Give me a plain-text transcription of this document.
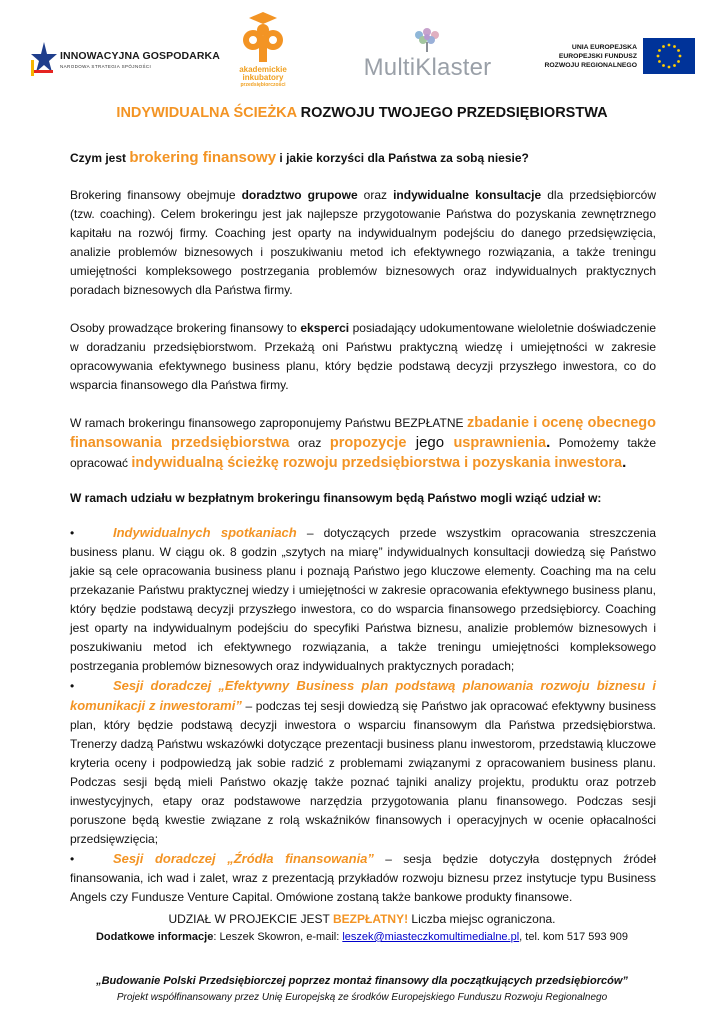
INNOWACYJNA GOSPODARKA
NARODOWA STRATEGIA SPÓJNOŚCI	akademickie
inkubatory
przedsiębiorczości
MultiKlaster
UNIA EUROPEJSKA
EUROPEJSKI FUNDUSZ
ROZWOJU REGIONALNEGO
INDYWIDUALNA ŚCIEŻKA ROZWOJU TWOJEGO PRZEDSIĘBIORSTWA

Czym jest brokering finansowy i jakie korzyści dla Państwa za sobą niesie?

Brokering finansowy obejmuje doradztwo grupowe oraz indywidualne konsultacje dla przedsiębiorców (tzw. coaching). Celem brokeringu jest jak najlepsze przygotowanie Państwa do pozyskania zewnętrznego kapitału na rozwój firmy. Coaching jest oparty na indywidualnym podejściu do danego przedsięwzięcia, analizie problemów biznesowych i poszukiwaniu metod ich efektywnego rozwiązania, a także treningu umiejętności kompleksowego postrzegania problemów biznesowych oraz indywidualnych praktycznych poradach biznesowych dla Państwa firmy.

Osoby prowadzące brokering finansowy to eksperci posiadający udokumentowane wieloletnie doświadczenie w doradzaniu przedsiębiorstwom. Przekażą oni Państwu praktyczną wiedzę i umiejętności w zakresie opracowywania efektywnego business planu, który będzie podstawą decyzji przyszłego inwestora, co do wsparcia finansowego dla Państwa firmy.

W ramach brokeringu finansowego zaproponujemy Państwu BEZPŁATNE zbadanie i ocenę obecnego finansowania przedsiębiorstwa oraz propozycje jego usprawnienia. Pomożemy także opracować indywidualną ścieżkę rozwoju przedsiębiorstwa i pozyskania inwestora.

W ramach udziału w bezpłatnym brokeringu finansowym będą Państwo mogli wziąć udział w:

•	Indywidualnych spotkaniach – dotyczących przede wszystkim opracowania streszczenia business planu. W ciągu ok. 8 godzin „szytych na miarę” indywidualnych konsultacji dowiedzą się Państwo jakie są cele opracowania business planu i poznają Państwo jego kluczowe elementy. Coaching ma na celu przekazanie Państwu praktycznej wiedzy i umiejętności w zakresie opracowania efektywnego business planu, który będzie podstawą decyzji przyszłego inwestora, co do wsparcia finansowego przedsiębiorcy. Coaching jest oparty na indywidualnym podejściu do specyfiki Państwa biznesu, analizie problemów biznesowych i poszukiwaniu metod ich efektywnego rozwiązania, a także treningu umiejętności kompleksowego postrzegania problemów biznesowych oraz indywidualnych praktycznych poradach;

•	Sesji doradczej „Efektywny Business plan podstawą planowania rozwoju biznesu i komunikacji z inwestorami” – podczas tej sesji dowiedzą się Państwo jak opracować efektywny business plan, który będzie podstawą decyzji inwestora o wsparciu finansowym dla Państwa przedsiębiorstwa. Trenerzy dadzą Państwu wskazówki dotyczące prezentacji business planu inwestorom, przedstawią kluczowe kryteria oceny i podpowiedzą jak sobie radzić z problemami związanymi z opracowaniem business planu. Podczas sesji będą mieli Państwo okazję także poznać tajniki analizy projektu, produktu oraz potrzeb inwestycyjnych, etapy oraz podstawowe narzędzia przygotowania planu finansowego. Podczas sesji poruszone będą kwestie związane z rolą wskaźników finansowych i operacyjnych w ocenie opłacalności przedsięwzięcia;

•	Sesji doradczej „Źródła finansowania” – sesja będzie dotyczyła dostępnych źródeł finansowania, ich wad i zalet, wraz z prezentacją przykładów rozwoju biznesu przez instytucje typu Business Angels czy Fundusze Venture Capital. Omówione zostaną także bankowe produkty finansowe.

UDZIAŁ W PROJEKCIE JEST BEZPŁATNY! Liczba miejsc ograniczona.
Dodatkowe informacje: Leszek Skowron, e-mail: leszek@miasteczkomultimedialne.pl, tel. kom 517 593 909
„Budowanie Polski Przedsiębiorczej poprzez montaż finansowy dla początkujących przedsiębiorców”
Projekt współfinansowany przez Unię Europejską ze środków Europejskiego Funduszu Rozwoju Regionalnego
